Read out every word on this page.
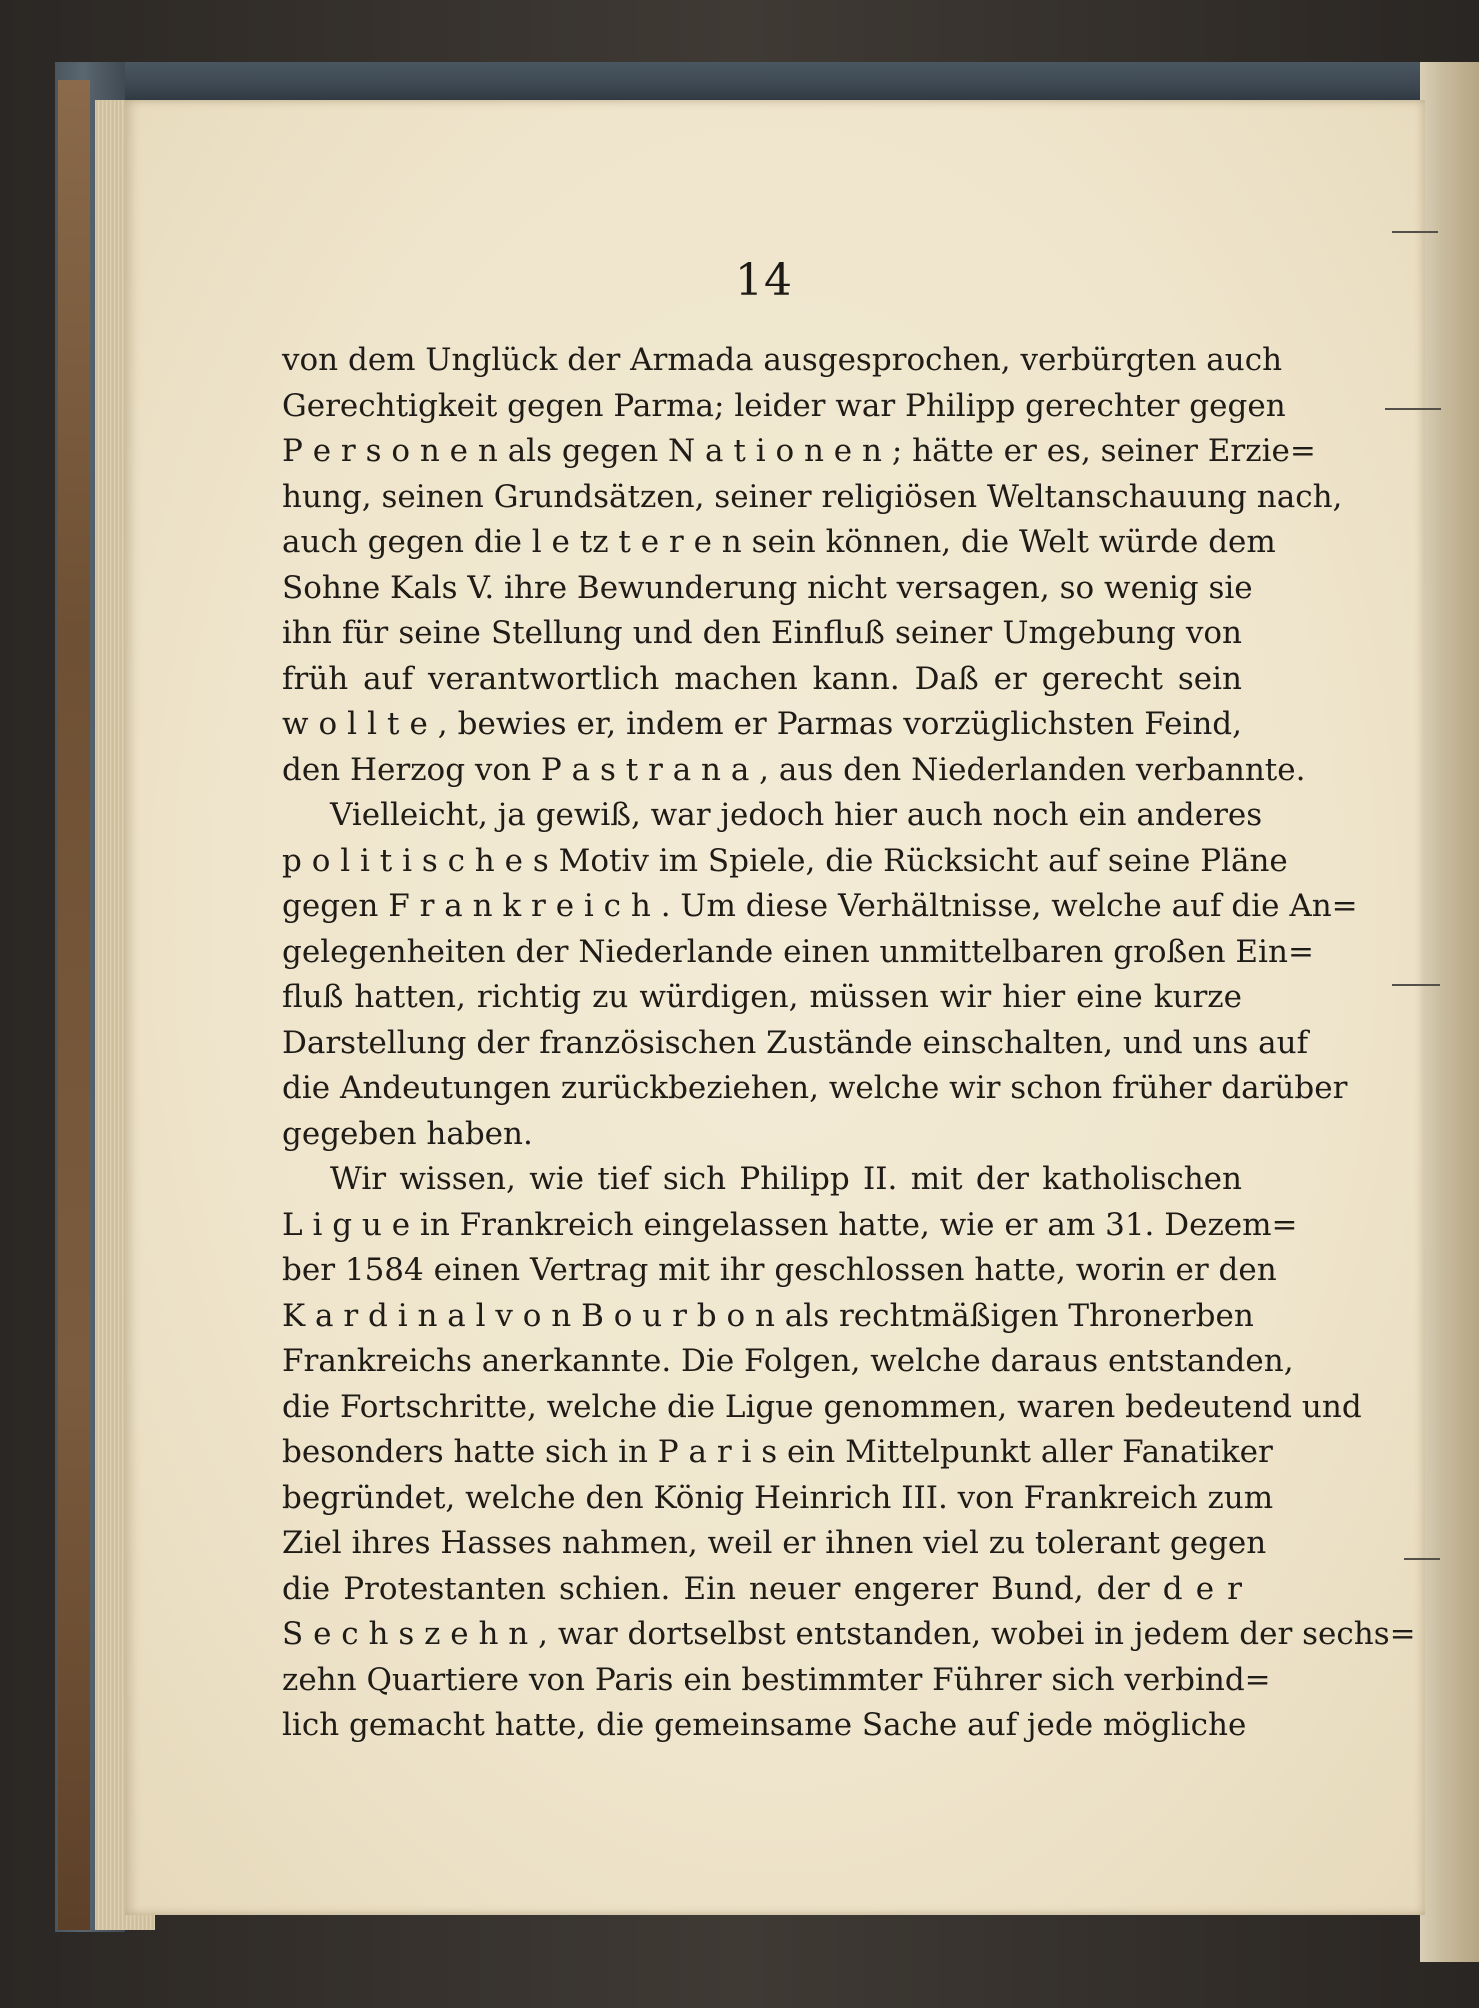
14
von dem Unglück der Armada ausgesprochen, verbürgten auch
Gerechtigkeit gegen Parma; leider war Philipp gerechter gegen
P e r s o n e n als gegen N a t i o n e n ; hätte er es, seiner Erzie=
hung, seinen Grundsätzen, seiner religiösen Weltanschauung nach,
auch gegen die l e tz t e r e n sein können, die Welt würde dem
Sohne Kals V. ihre Bewunderung nicht versagen, so wenig sie
ihn für seine Stellung und den Einfluß seiner Umgebung von
früh auf verantwortlich machen kann. Daß er gerecht sein
w o l l t e , bewies er, indem er Parmas vorzüglichsten Feind,
den Herzog von P a s t r a n a , aus den Niederlanden verbannte.
Vielleicht, ja gewiß, war jedoch hier auch noch ein anderes
p o l i t i s c h e s Motiv im Spiele, die Rücksicht auf seine Pläne
gegen F r a n k r e i c h . Um diese Verhältnisse, welche auf die An=
gelegenheiten der Niederlande einen unmittelbaren großen Ein=
fluß hatten, richtig zu würdigen, müssen wir hier eine kurze
Darstellung der französischen Zustände einschalten, und uns auf
die Andeutungen zurückbeziehen, welche wir schon früher darüber
gegeben haben.
Wir wissen, wie tief sich Philipp II. mit der katholischen
L i g u e in Frankreich eingelassen hatte, wie er am 31. Dezem=
ber 1584 einen Vertrag mit ihr geschlossen hatte, worin er den
K a r d i n a l v o n B o u r b o n als rechtmäßigen Thronerben
Frankreichs anerkannte. Die Folgen, welche daraus entstanden,
die Fortschritte, welche die Ligue genommen, waren bedeutend und
besonders hatte sich in P a r i s ein Mittelpunkt aller Fanatiker
begründet, welche den König Heinrich III. von Frankreich zum
Ziel ihres Hasses nahmen, weil er ihnen viel zu tolerant gegen
die Protestanten schien. Ein neuer engerer Bund, der d e r
S e c h s z e h n , war dortselbst entstanden, wobei in jedem der sechs=
zehn Quartiere von Paris ein bestimmter Führer sich verbind=
lich gemacht hatte, die gemeinsame Sache auf jede mögliche
